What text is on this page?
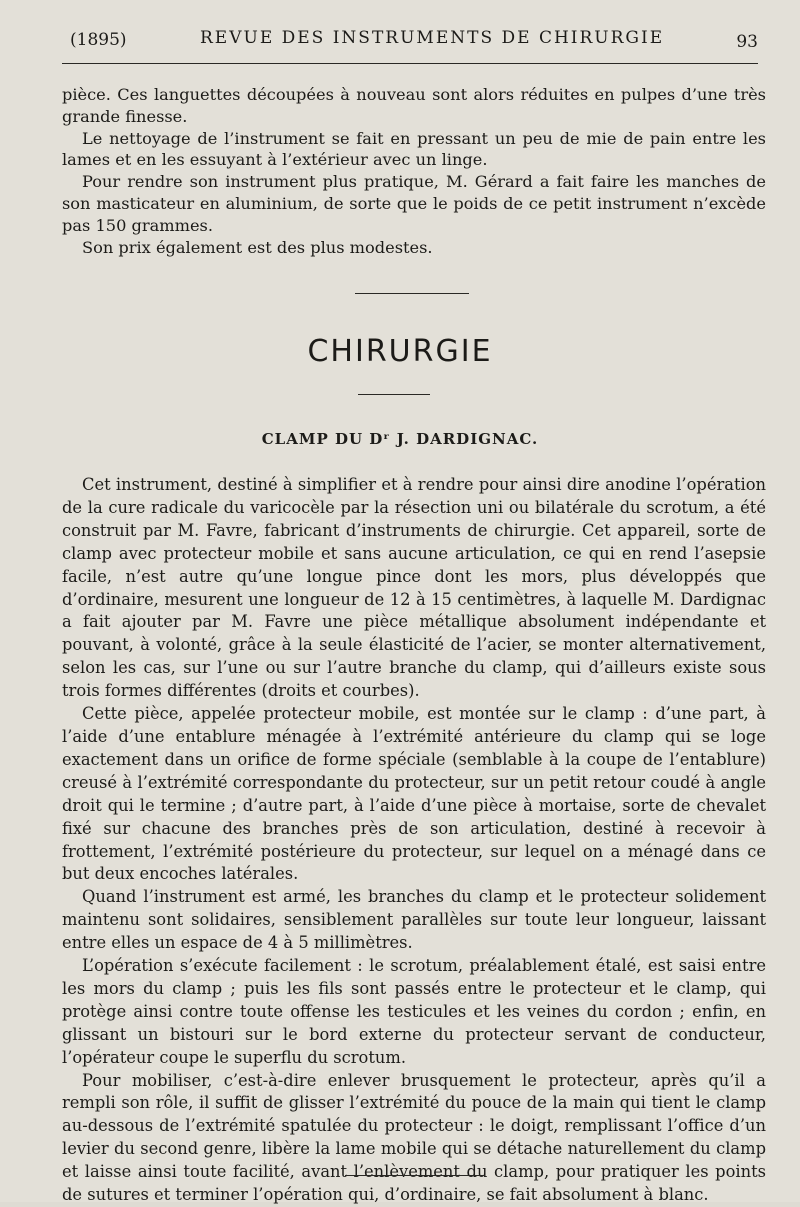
(1895)	REVUE DES INSTRUMENTS DE CHIRURGIE	93

pièce. Ces languettes découpées à nouveau sont alors réduites en pulpes d’une très grande finesse.

Le nettoyage de l’instrument se fait en pressant un peu de mie de pain entre les lames et en les essuyant à l’extérieur avec un linge.

Pour rendre son instrument plus pratique, M. Gérard a fait faire les manches de son masticateur en aluminium, de sorte que le poids de ce petit instrument n’excède pas 150 grammes.

Son prix également est des plus modestes.

CHIRURGIE
CLAMP DU Dʳ J. DARDIGNAC.

Cet instrument, destiné à simplifier et à rendre pour ainsi dire anodine l’opération de la cure radicale du varicocèle par la résection uni ou bilatérale du scrotum, a été construit par M. Favre, fabricant d’instruments de chirurgie. Cet appareil, sorte de clamp avec protecteur mobile et sans aucune articulation, ce qui en rend l’asepsie facile, n’est autre qu’une longue pince dont les mors, plus développés que d’ordinaire, mesurent une longueur de 12 à 15 centimètres, à laquelle M. Dardignac a fait ajouter par M. Favre une pièce métallique absolument indépendante et pouvant, à volonté, grâce à la seule élasticité de l’acier, se monter alternativement, selon les cas, sur l’une ou sur l’autre branche du clamp, qui d’ailleurs existe sous trois formes différentes (droits et courbes).

Cette pièce, appelée protecteur mobile, est montée sur le clamp : d’une part, à l’aide d’une entablure ménagée à l’extrémité antérieure du clamp qui se loge exactement dans un orifice de forme spéciale (semblable à la coupe de l’entablure) creusé à l’extrémité correspondante du protecteur, sur un petit retour coudé à angle droit qui le termine ; d’autre part, à l’aide d’une pièce à mortaise, sorte de chevalet fixé sur chacune des branches près de son articulation, destiné à recevoir à frottement, l’extrémité postérieure du protecteur, sur lequel on a ménagé dans ce but deux encoches latérales.

Quand l’instrument est armé, les branches du clamp et le protecteur solidement maintenu sont solidaires, sensiblement parallèles sur toute leur longueur, laissant entre elles un espace de 4 à 5 millimètres.

L’opération s’exécute facilement : le scrotum, préalablement étalé, est saisi entre les mors du clamp ; puis les fils sont passés entre le protecteur et le clamp, qui protège ainsi contre toute offense les testicules et les veines du cordon ; enfin, en glissant un bistouri sur le bord externe du protecteur servant de conducteur, l’opérateur coupe le superflu du scrotum.

Pour mobiliser, c’est-à-dire enlever brusquement le protecteur, après qu’il a rempli son rôle, il suffit de glisser l’extrémité du pouce de la main qui tient le clamp au-dessous de l’extrémité spatulée du protecteur : le doigt, remplissant l’office d’un levier du second genre, libère la lame mobile qui se détache naturellement du clamp et laisse ainsi toute facilité, avant l’enlèvement du clamp, pour pratiquer les points de sutures et terminer l’opération qui, d’ordinaire, se fait absolument à blanc.
